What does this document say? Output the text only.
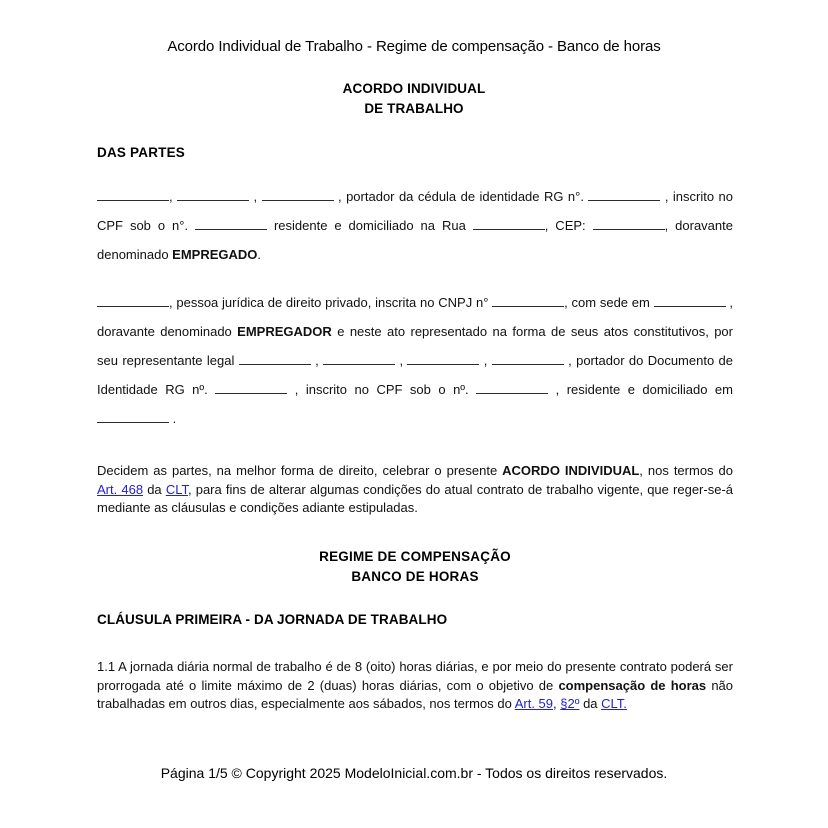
Acordo Individual de Trabalho - Regime de compensação - Banco de horas
ACORDO INDIVIDUAL
DE TRABALHO
DAS PARTES
,	,	, portador da cédula de identidade RG n°.	, inscrito no CPF sob o n°.	residente e domiciliado na Rua	, CEP:	, doravante denominado EMPREGADO.
, pessoa jurídica de direito privado, inscrita no CNPJ n°	, com sede em	, doravante denominado EMPREGADOR e neste ato representado na forma de seus atos constitutivos, por seu representante legal	,	,	,	, portador do Documento de Identidade RG nº.	, inscrito no CPF sob o nº.	, residente e domiciliado em  .
Decidem as partes, na melhor forma de direito, celebrar o presente ACORDO INDIVIDUAL, nos termos do Art. 468 da CLT, para fins de alterar algumas condições do atual contrato de trabalho vigente, que reger-se-á mediante as cláusulas e condições adiante estipuladas.
REGIME DE COMPENSAÇÃO
BANCO DE HORAS
CLÁUSULA PRIMEIRA - DA JORNADA DE TRABALHO
1.1 A jornada diária normal de trabalho é de 8 (oito) horas diárias, e por meio do presente contrato poderá ser prorrogada até o limite máximo de 2 (duas) horas diárias, com o objetivo de compensação de horas não trabalhadas em outros dias, especialmente aos sábados, nos termos do Art. 59, §2º da CLT.
Página 1/5 © Copyright 2025 ModeloInicial.com.br - Todos os direitos reservados.
